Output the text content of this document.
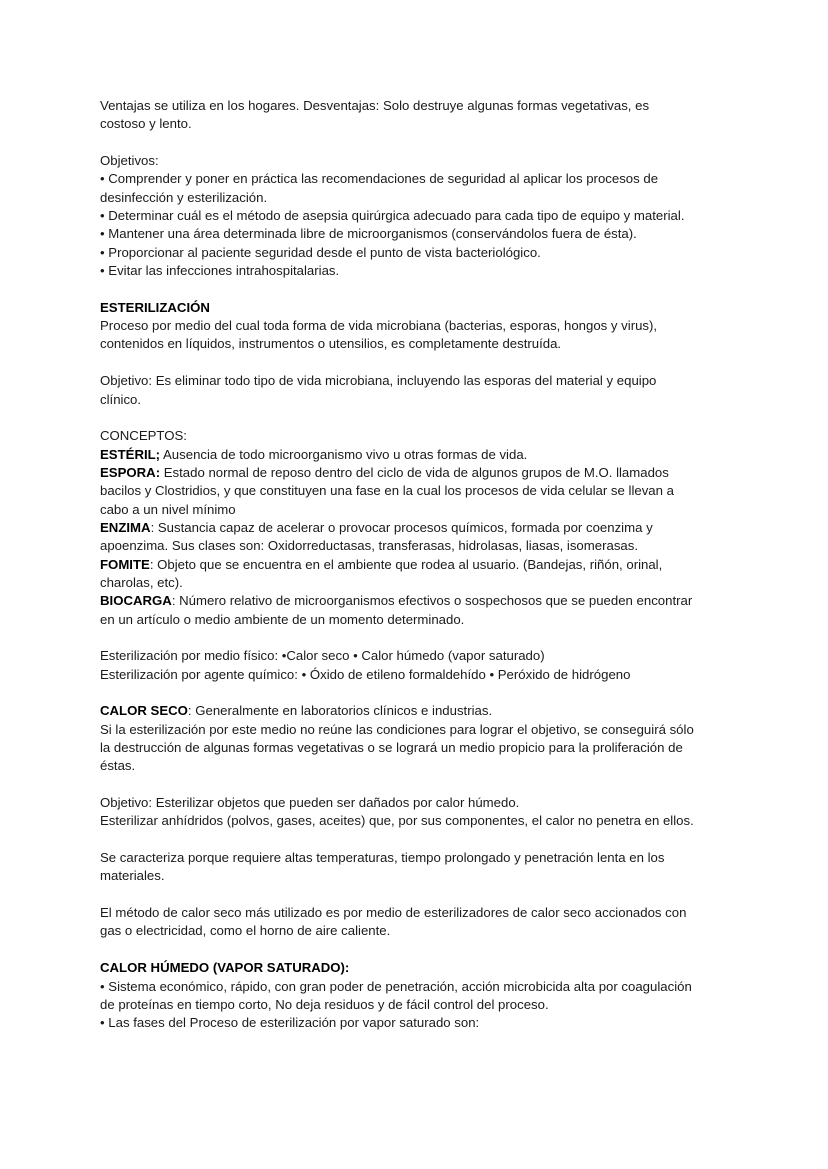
Ventajas se utiliza en los hogares. Desventajas: Solo destruye algunas formas vegetativas, es
costoso y lento.
Objetivos:
• Comprender y poner en práctica las recomendaciones de seguridad al aplicar los procesos de
desinfección y esterilización.
• Determinar cuál es el método de asepsia quirúrgica adecuado para cada tipo de equipo y material.
• Mantener una área determinada libre de microorganismos (conservándolos fuera de ésta).
• Proporcionar al paciente seguridad desde el punto de vista bacteriológico.
• Evitar las infecciones intrahospitalarias.
ESTERILIZACIÓN
Proceso por medio del cual toda forma de vida microbiana (bacterias, esporas, hongos y virus),
contenidos en líquidos, instrumentos o utensilios, es completamente destruída.
Objetivo: Es eliminar todo tipo de vida microbiana, incluyendo las esporas del material y equipo
clínico.
CONCEPTOS:
ESTÉRIL; Ausencia de todo microorganismo vivo u otras formas de vida.
ESPORA: Estado normal de reposo dentro del ciclo de vida de algunos grupos de M.O. llamados
bacilos y Clostridios, y que constituyen una fase en la cual los procesos de vida celular se llevan a
cabo a un nivel mínimo
ENZIMA: Sustancia capaz de acelerar o provocar procesos químicos, formada por coenzima y
apoenzima. Sus clases son: Oxidorreductasas, transferasas, hidrolasas, liasas, isomerasas.
FOMITE: Objeto que se encuentra en el ambiente que rodea al usuario. (Bandejas, riñón, orinal,
charolas, etc).
BIOCARGA: Número relativo de microorganismos efectivos o sospechosos que se pueden encontrar
en un artículo o medio ambiente de un momento determinado.
Esterilización por medio físico: •Calor seco • Calor húmedo (vapor saturado)
Esterilización por agente químico: • Óxido de etileno formaldehído • Peróxido de hidrógeno
CALOR SECO: Generalmente en laboratorios clínicos e industrias.
Si la esterilización por este medio no reúne las condiciones para lograr el objetivo, se conseguirá sólo
la destrucción de algunas formas vegetativas o se logrará un medio propicio para la proliferación de
éstas.
Objetivo: Esterilizar objetos que pueden ser dañados por calor húmedo.
Esterilizar anhídridos (polvos, gases, aceites) que, por sus componentes, el calor no penetra en ellos.
Se caracteriza porque requiere altas temperaturas, tiempo prolongado y penetración lenta en los
materiales.
El método de calor seco más utilizado es por medio de esterilizadores de calor seco accionados con
gas o electricidad, como el horno de aire caliente.
CALOR HÚMEDO (VAPOR SATURADO):
• Sistema económico, rápido, con gran poder de penetración, acción microbicida alta por coagulación
de proteínas en tiempo corto, No deja residuos y de fácil control del proceso.
• Las fases del Proceso de esterilización por vapor saturado son:
